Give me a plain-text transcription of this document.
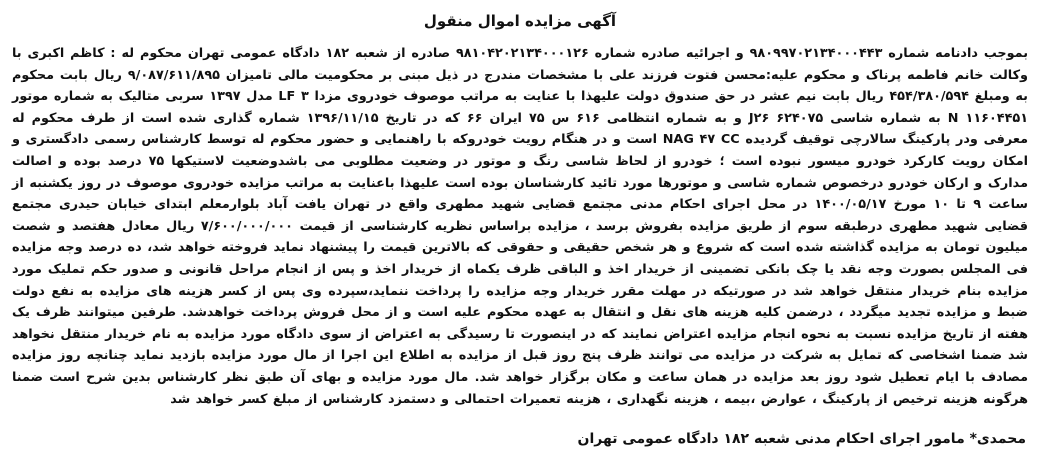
آگهی مزایده اموال منقول

بموجب دادنامه شماره ۹۸۰۹۹۷۰۲۱۳۴۰۰۰۴۴۳ و اجرائیه صادره شماره ۹۸۱۰۴۲۰۲۱۳۴۰۰۰۱۲۶ صادره از شعبه ۱۸۲ دادگاه عمومی تهران محکوم له : کاظم اکبری با وکالت خانم فاطمه پرناک و محکوم علیه:محسن فتوت فرزند علی با مشخصات مندرج در ذیل مبنی بر محکومیت مالی تامیزان ۹/۰۸۷/۶۱۱/۸۹۵ ریال بابت محکوم به ومبلغ ۴۵۴/۳۸۰/۵۹۴ ریال بابت نیم عشر در حق صندوق دولت علیهذا با عنایت به مراتب موصوف خودروی مزدا ۳ LF مدل ۱۳۹۷ سربی متالیک به شماره موتور ۱۱۶۰۴۴۵۱ N به شماره شاسی ۶۲۴۰۷۵ J۲۶ و به شماره انتظامی ۶۱۶ س ۷۵ ایران ۶۶ که در تاریخ ۱۳۹۶/۱۱/۱۵ شماره گذاری شده است از طرف محکوم له معرفی ودر پارکینگ سالارچی توقیف گردیده NAG ۴۷ CC است و در هنگام رویت خودروکه با راهنمایی و حضور محکوم له توسط کارشناس رسمی دادگستری و امکان رویت کارکرد خودرو میسور نبوده است ؛ خودرو از لحاظ شاسی رنگ و موتور در وضعیت مطلوبی می باشدوضعیت لاستیکها ۷۵ درصد بوده و اصالت مدارک و ارکان خودرو درخصوص شماره شاسی و موتورها مورد تائید کارشناسان بوده است علیهذا باعنایت به مراتب مزایده خودروی موصوف در روز یکشنبه از ساعت ۹ تا ۱۰ مورخ ۱۴۰۰/۰۵/۱۷ در محل اجرای احکام مدنی مجتمع قضایی شهید مطهری واقع در تهران یافت آباد بلوارمعلم ابتدای خیابان حیدری مجتمع قضایی شهید مطهری درطبقه سوم از طریق مزایده بفروش برسد ، مزایده براساس نظریه کارشناسی از قیمت ۷/۶۰۰/۰۰۰/۰۰۰ ریال معادل هفتصد و شصت میلیون تومان به مزایده گذاشته شده است که شروع و هر شخص حقیقی و حقوقی که بالاترین قیمت را پیشنهاد نماید فروخته خواهد شد، ده درصد وجه مزایده فی المجلس بصورت وجه نقد یا چک بانکی تضمینی از خریدار اخذ و الباقی ظرف یکماه از خریدار اخذ و پس از انجام مراحل قانونی و صدور حکم تملیک مورد مزایده بنام خریدار منتقل خواهد شد در صورتیکه در مهلت مقرر خریدار وجه مزایده را پرداخت ننماید،سپرده وی پس از کسر هزینه های مزایده به نفع دولت ضبط و مزایده تجدید میگردد ، درضمن کلیه هزینه های نقل و انتقال به عهده محکوم علیه است و از محل فروش پرداخت خواهدشد. طرفین میتوانند ظرف یک هفته از تاریخ مزایده نسبت به نحوه انجام مزایده اعتراض نمایند که در اینصورت تا رسیدگی به اعتراض از سوی دادگاه مورد مزایده به نام خریدار منتقل نخواهد شد ضمنا اشخاصی که تمایل به شرکت در مزایده می توانند ظرف پنج روز قبل از مزایده به اطلاع این اجرا از مال مورد مزایده بازدید نماید چنانچه روز مزایده مصادف با ایام تعطیل شود روز بعد مزایده در همان ساعت و مکان برگزار خواهد شد. مال مورد مزایده و بهای آن طبق نظر کارشناس بدین شرح است ضمنا هرگونه هزینه ترخیص از پارکینگ ، عوارض ،بیمه ، هزینه نگهداری ، هزینه تعمیرات احتمالی و دستمزد کارشناس از مبلغ کسر خواهد شد

محمدی* مامور اجرای احکام مدنی شعبه ۱۸۲ دادگاه عمومی تهران
